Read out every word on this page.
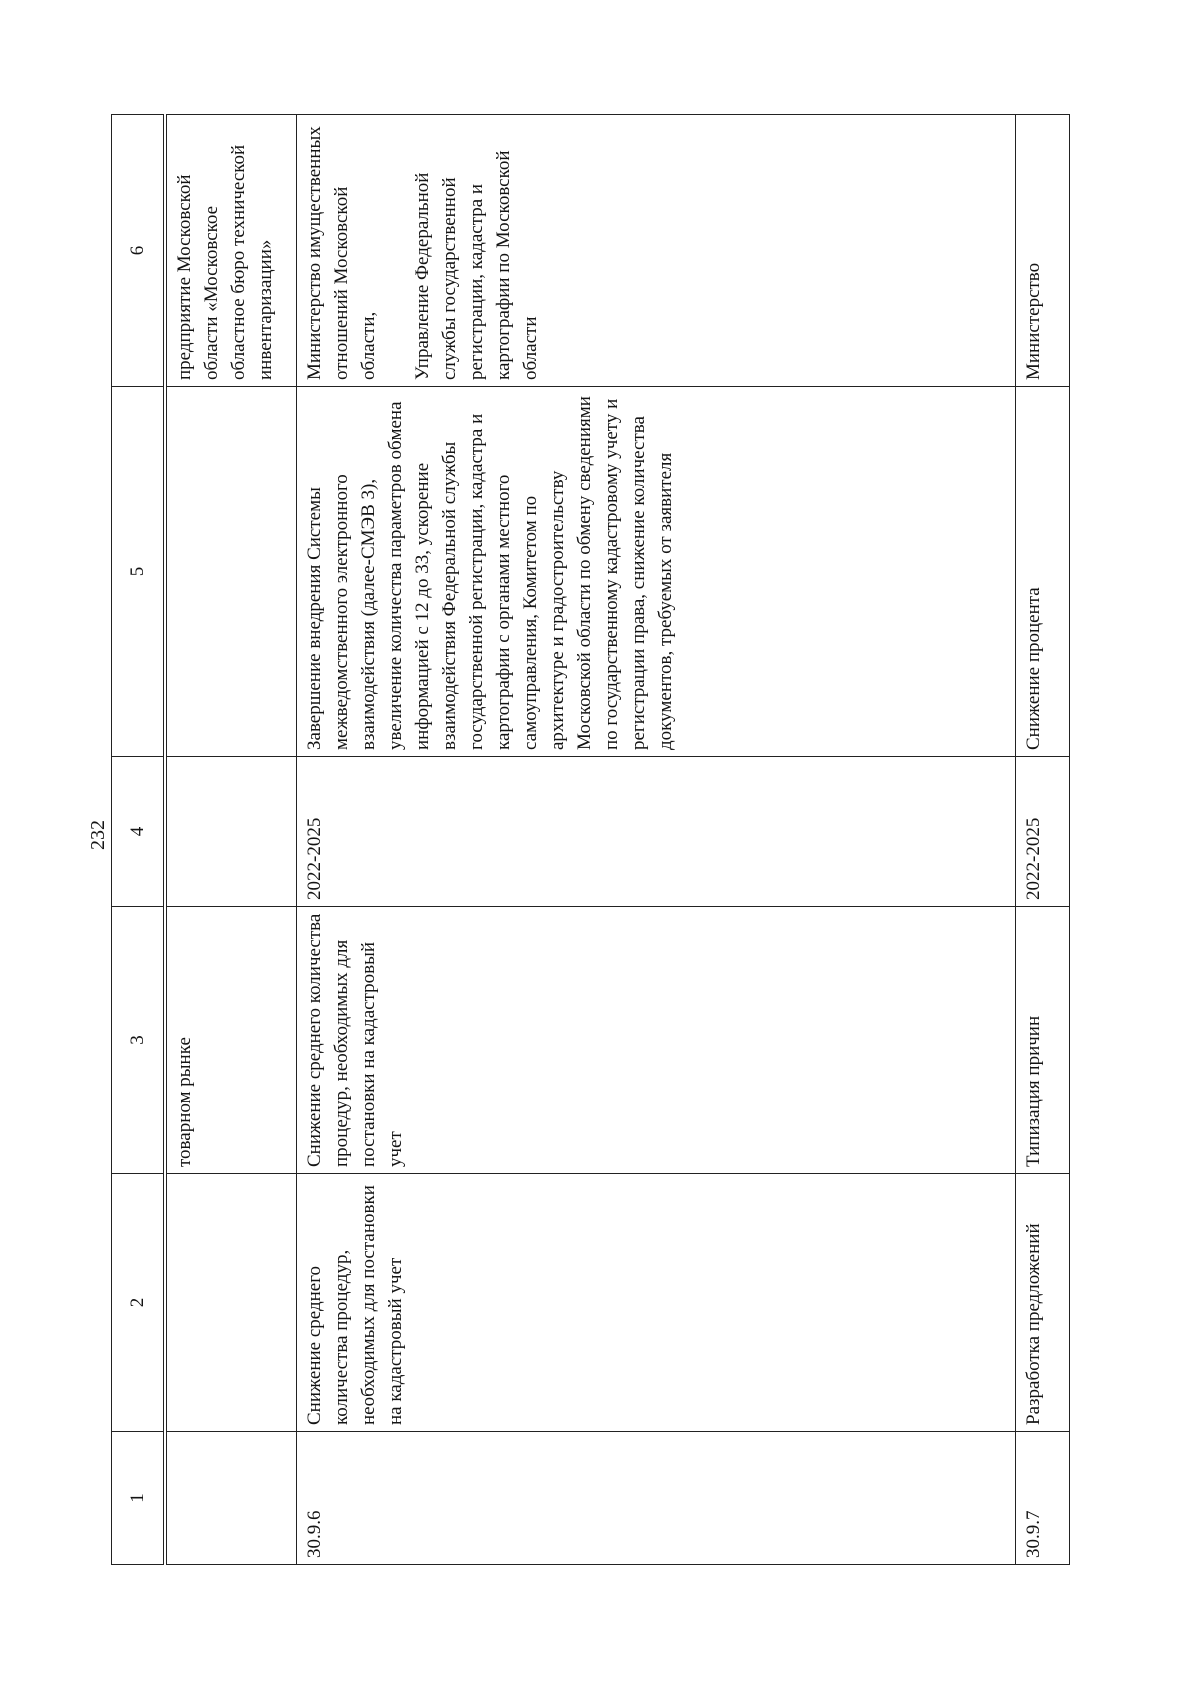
232
1	2	3	4	5	6
		товарном рынке			предприятие Московской области «Московское областное бюро технической инвентаризации»
30.9.6	Снижение среднего количества процедур, необходимых для постановки на кадастровый учет	Снижение среднего количества процедур, необходимых для постановки на кадастровый учет	2022-2025	Завершение внедрения Системы межведомственного электронного взаимодействия (далее-СМЭВ 3), увеличение количества параметров обмена информацией с 12 до 33, ускорение взаимодействия Федеральной службы государственной регистрации, кадастра и картографии с органами местного самоуправления, Комитетом по архитектуре и градостроительству Московской области по обмену сведениями по государственному кадастровому учету и регистрации права, снижение количества документов, требуемых от заявителя	Министерство имущественных отношений Московской области,

Управление Федеральной службы государственной регистрации, кадастра и картографии по Московской области
30.9.7	Разработка предложений	Типизация причин	2022-2025	Снижение процента	Министерство
